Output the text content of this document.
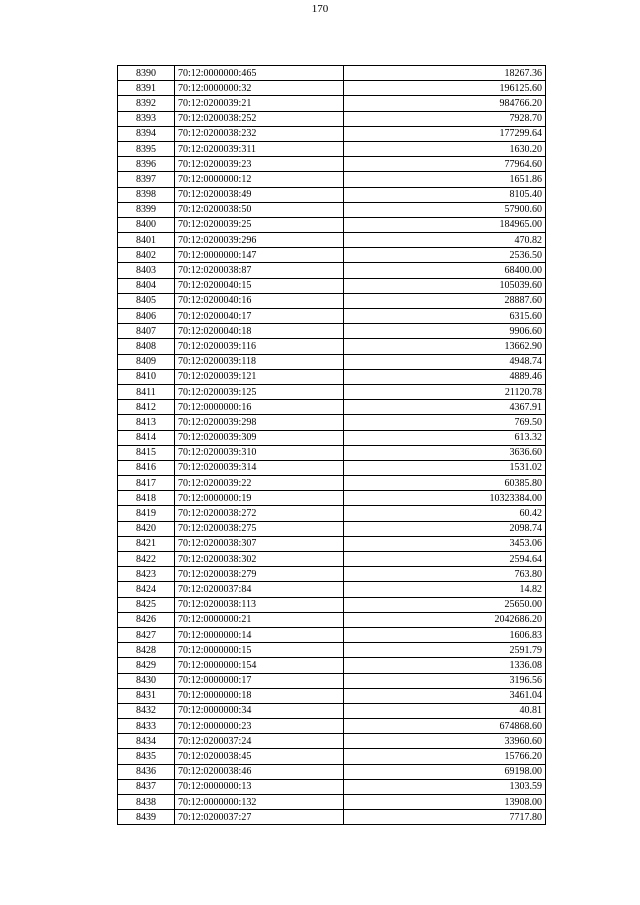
170
8390	70:12:0000000:465	18267.36
8391	70:12:0000000:32	196125.60
8392	70:12:0200039:21	984766.20
8393	70:12:0200038:252	7928.70
8394	70:12:0200038:232	177299.64
8395	70:12:0200039:311	1630.20
8396	70:12:0200039:23	77964.60
8397	70:12:0000000:12	1651.86
8398	70:12:0200038:49	8105.40
8399	70:12:0200038:50	57900.60
8400	70:12:0200039:25	184965.00
8401	70:12:0200039:296	470.82
8402	70:12:0000000:147	2536.50
8403	70:12:0200038:87	68400.00
8404	70:12:0200040:15	105039.60
8405	70:12:0200040:16	28887.60
8406	70:12:0200040:17	6315.60
8407	70:12:0200040:18	9906.60
8408	70:12:0200039:116	13662.90
8409	70:12:0200039:118	4948.74
8410	70:12:0200039:121	4889.46
8411	70:12:0200039:125	21120.78
8412	70:12:0000000:16	4367.91
8413	70:12:0200039:298	769.50
8414	70:12:0200039:309	613.32
8415	70:12:0200039:310	3636.60
8416	70:12:0200039:314	1531.02
8417	70:12:0200039:22	60385.80
8418	70:12:0000000:19	10323384.00
8419	70:12:0200038:272	60.42
8420	70:12:0200038:275	2098.74
8421	70:12:0200038:307	3453.06
8422	70:12:0200038:302	2594.64
8423	70:12:0200038:279	763.80
8424	70:12:0200037:84	14.82
8425	70:12:0200038:113	25650.00
8426	70:12:0000000:21	2042686.20
8427	70:12:0000000:14	1606.83
8428	70:12:0000000:15	2591.79
8429	70:12:0000000:154	1336.08
8430	70:12:0000000:17	3196.56
8431	70:12:0000000:18	3461.04
8432	70:12:0000000:34	40.81
8433	70:12:0000000:23	674868.60
8434	70:12:0200037:24	33960.60
8435	70:12:0200038:45	15766.20
8436	70:12:0200038:46	69198.00
8437	70:12:0000000:13	1303.59
8438	70:12:0000000:132	13908.00
8439	70:12:0200037:27	7717.80
